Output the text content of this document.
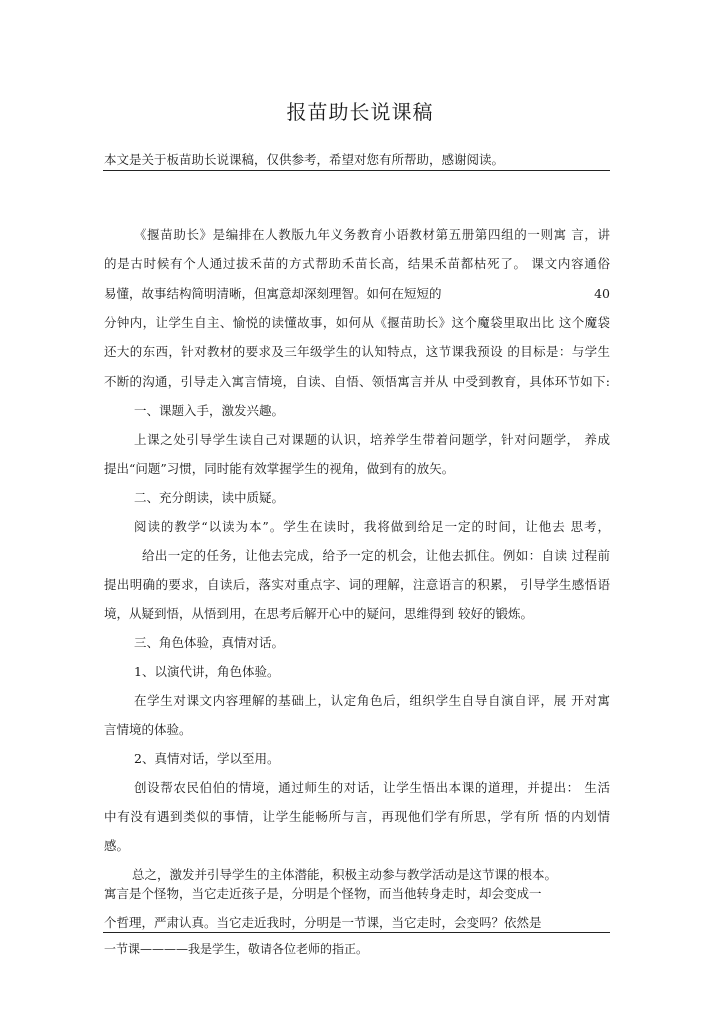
报苗助长说课稿
本文是关于板苗助长说课稿，仅供参考，希望对您有所帮助，感谢阅读。
《揠苗助长》是编排在人教版九年义务教育小语教材第五册第四组的一则寓 言，讲
的是古时候有个人通过拔禾苗的方式帮助禾苗长高，结果禾苗都枯死了。 课文内容通俗
易懂，故事结构简明清晰，但寓意却深刻理智。如何在短短的	40
分钟内，让学生自主、愉悦的读懂故事，如何从《揠苗助长》这个魔袋里取出比 这个魔袋
还大的东西，针对教材的要求及三年级学生的认知特点，这节课我预设 的目标是：与学生
不断的沟通，引导走入寓言情境，自读、自悟、领悟寓言并从 中受到教育，具体环节如下:
一、课题入手，激发兴趣。
上课之处引导学生读自己对课题的认识，培养学生带着问题学，针对问题学， 养成
提出“问题”习惯，同时能有效掌握学生的视角，做到有的放矢。
二、充分朗读，读中质疑。
阅读的教学“以读为本”。学生在读时，我将做到给足一定的时间，让他去 思考，
给出一定的任务，让他去完成，给予一定的机会，让他去抓住。例如：自读 过程前
提出明确的要求，自读后，落实对重点字、词的理解，注意语言的积累， 引导学生感悟语
境，从疑到悟，从悟到用，在思考后解开心中的疑问，思维得到 较好的锻炼。
三、角色体验，真情对话。
1、以演代讲，角色体验。
在学生对课文内容理解的基础上，认定角色后，组织学生自导自演自评，展 开对寓
言情境的体验。
2、真情对话，学以至用。
创设帮农民伯伯的情境，通过师生的对话，让学生悟出本课的道理，并提出： 生活
中有没有遇到类似的事情，让学生能畅所与言，再现他们学有所思，学有所 悟的内划情
感。
总之，激发并引导学生的主体潜能，积极主动参与教学活动是这节课的根本。
寓言是个怪物，当它走近孩子是，分明是个怪物，而当他转身走时，却会变成一
个哲理，严肃认真。当它走近我时，分明是一节课，当它走时，会变吗？依然是
一节课————我是学生，敬请各位老师的指正。
